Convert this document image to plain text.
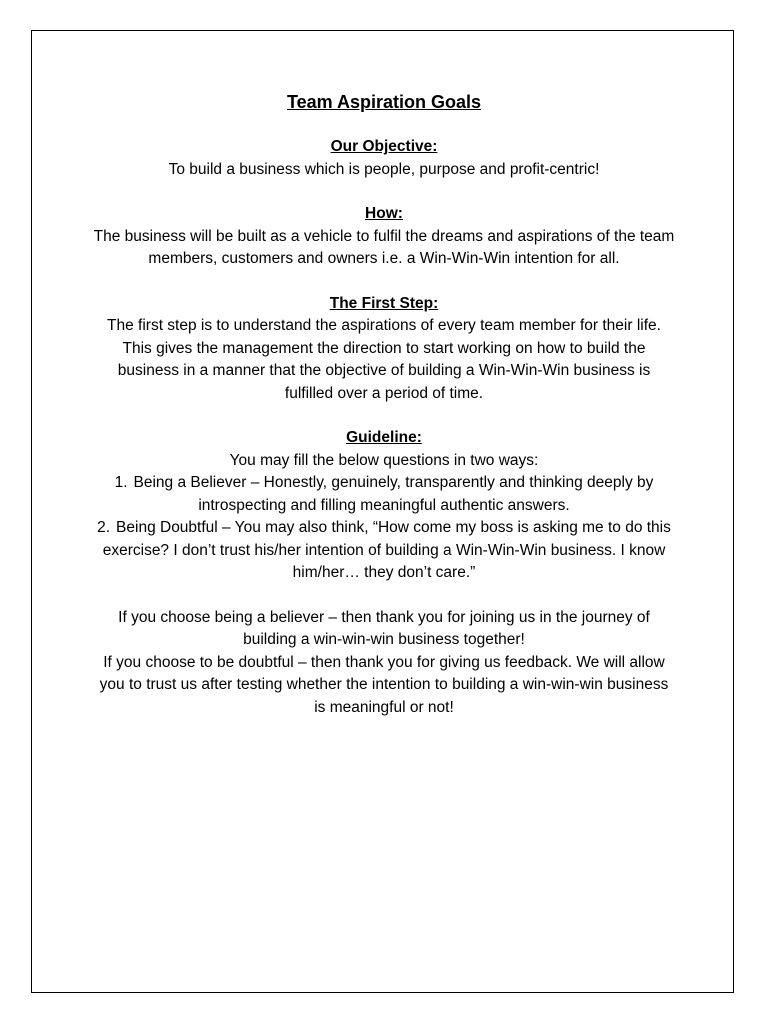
Team Aspiration Goals
Our Objective:
To build a business which is people, purpose and profit-centric!
How:
The business will be built as a vehicle to fulfil the dreams and aspirations of the team members, customers and owners i.e. a Win-Win-Win intention for all.
The First Step:
The first step is to understand the aspirations of every team member for their life.
This gives the management the direction to start working on how to build the business in a manner that the objective of building a Win-Win-Win business is fulfilled over a period of time.
Guideline:
You may fill the below questions in two ways:
1. Being a Believer – Honestly, genuinely, transparently and thinking deeply by introspecting and filling meaningful authentic answers.
2. Being Doubtful – You may also think, “How come my boss is asking me to do this exercise? I don’t trust his/her intention of building a Win-Win-Win business. I know him/her… they don’t care.”
If you choose being a believer – then thank you for joining us in the journey of building a win-win-win business together!
If you choose to be doubtful – then thank you for giving us feedback. We will allow you to trust us after testing whether the intention to building a win-win-win business is meaningful or not!
